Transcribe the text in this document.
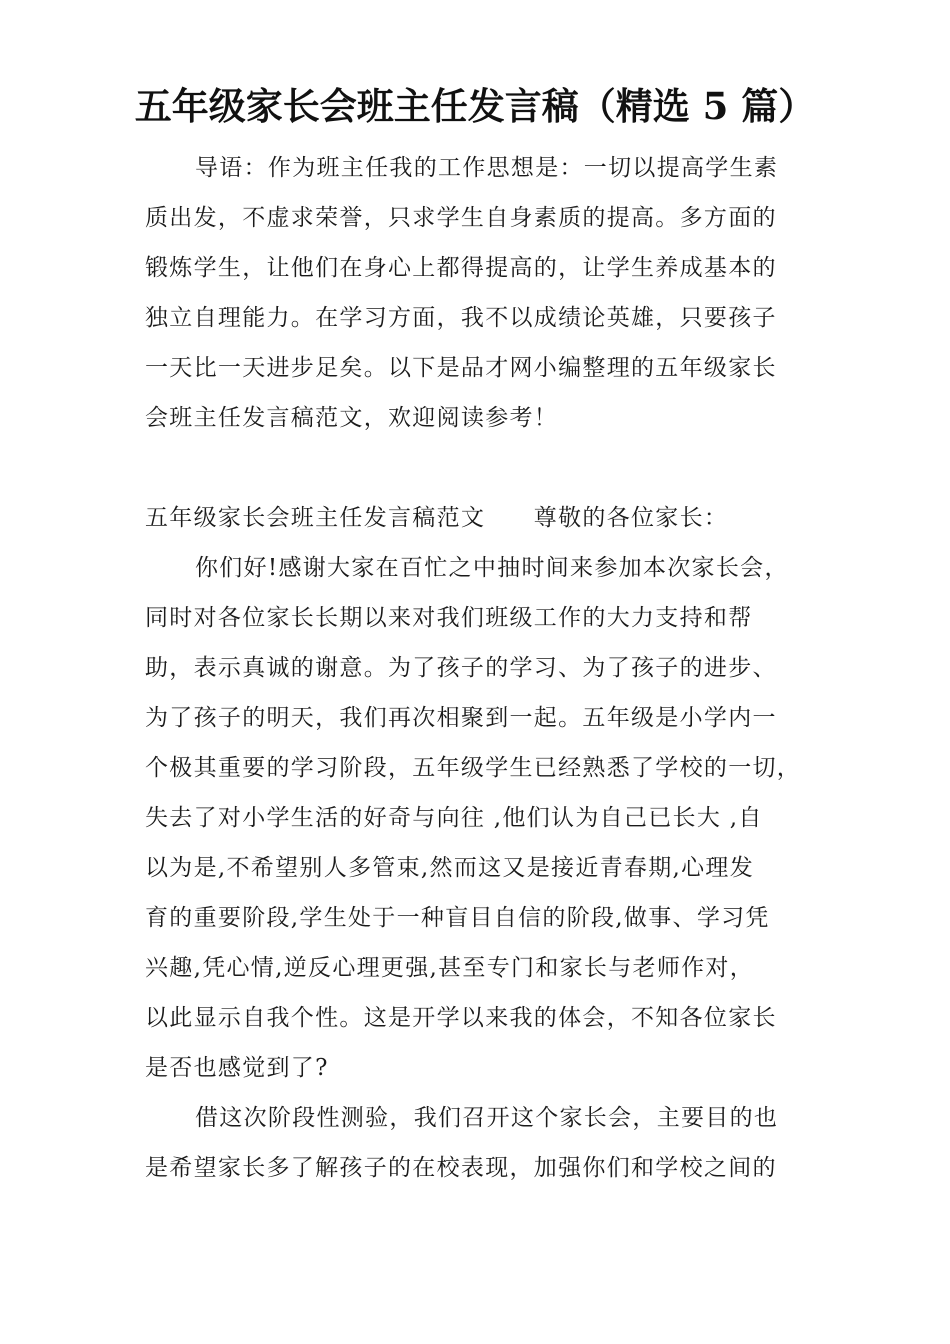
五年级家长会班主任发言稿（精选 5 篇）
导语：作为班主任我的工作思想是：一切以提高学生素
质出发，不虚求荣誉，只求学生自身素质的提高。多方面的
锻炼学生，让他们在身心上都得提高的，让学生养成基本的
独立自理能力。在学习方面，我不以成绩论英雄，只要孩子
一天比一天进步足矣。以下是品才网小编整理的五年级家长
会班主任发言稿范文，欢迎阅读参考！
五年级家长会班主任发言稿范文　　尊敬的各位家长：
你们好!感谢大家在百忙之中抽时间来参加本次家长会，
同时对各位家长长期以来对我们班级工作的大力支持和帮
助，表示真诚的谢意。为了孩子的学习、为了孩子的进步、
为了孩子的明天，我们再次相聚到一起。五年级是小学内一
个极其重要的学习阶段，五年级学生已经熟悉了学校的一切，
失去了对小学生活的好奇与向往 ,他们认为自己已长大 ,自
以为是,不希望别人多管束,然而这又是接近青春期,心理发
育的重要阶段,学生处于一种盲目自信的阶段,做事、学习凭
兴趣,凭心情,逆反心理更强,甚至专门和家长与老师作对，
以此显示自我个性。这是开学以来我的体会，不知各位家长
是否也感觉到了?
借这次阶段性测验，我们召开这个家长会，主要目的也
是希望家长多了解孩子的在校表现，加强你们和学校之间的
